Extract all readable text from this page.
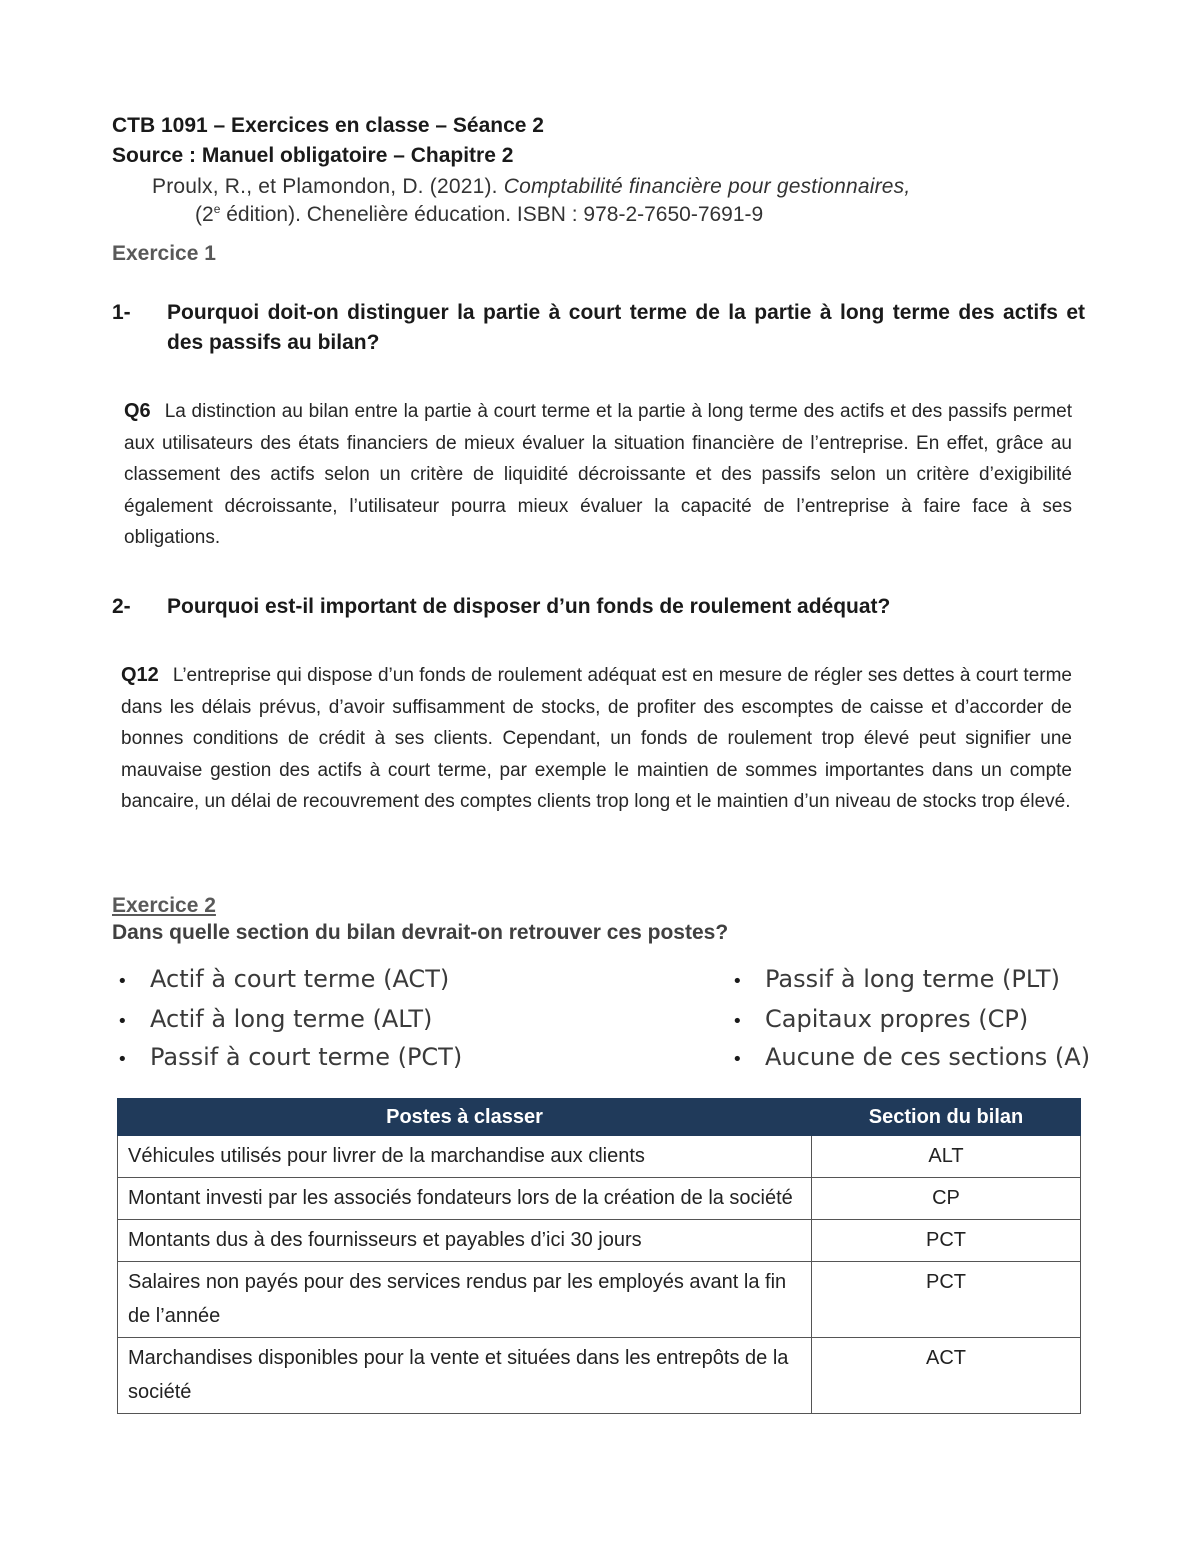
CTB 1091 – Exercices en classe – Séance 2

Source : Manuel obligatoire – Chapitre 2

Proulx, R., et Plamondon, D. (2021). Comptabilité financière pour gestionnaires,

(2e édition). Chenelière éducation. ISBN : 978-2-7650-7691-9

Exercice 1

1- Pourquoi doit-on distinguer la partie à court terme de la partie à long terme des actifs et des passifs au bilan?

Q6 La distinction au bilan entre la partie à court terme et la partie à long terme des actifs et des passifs permet aux utilisateurs des états financiers de mieux évaluer la situation financière de l’entreprise. En effet, grâce au classement des actifs selon un critère de liquidité décroissante et des passifs selon un critère d’exigibilité également décroissante, l’utilisateur pourra mieux évaluer la capacité de l’entreprise à faire face à ses obligations.

2- Pourquoi est-il important de disposer d’un fonds de roulement adéquat?

Q12 L’entreprise qui dispose d’un fonds de roulement adéquat est en mesure de régler ses dettes à court terme dans les délais prévus, d’avoir suffisamment de stocks, de profiter des escomptes de caisse et d’accorder de bonnes conditions de crédit à ses clients. Cependant, un fonds de roulement trop élevé peut signifier une mauvaise gestion des actifs à court terme, par exemple le maintien de sommes importantes dans un compte bancaire, un délai de recouvrement des comptes clients trop long et le maintien d’un niveau de stocks trop élevé.

Exercice 2

Dans quelle section du bilan devrait-on retrouver ces postes?

• Actif à court terme (ACT)
• Actif à long terme (ALT)
• Passif à court terme (PCT)
• Passif à long terme (PLT)
• Capitaux propres (CP)
• Aucune de ces sections (A)
Postes à classer	Section du bilan
Véhicules utilisés pour livrer de la marchandise aux clients	ALT
Montant investi par les associés fondateurs lors de la création de la société	CP
Montants dus à des fournisseurs et payables d’ici 30 jours	PCT
Salaires non payés pour des services rendus par les employés avant la fin de l’année	PCT
Marchandises disponibles pour la vente et situées dans les entrepôts de la société	ACT
